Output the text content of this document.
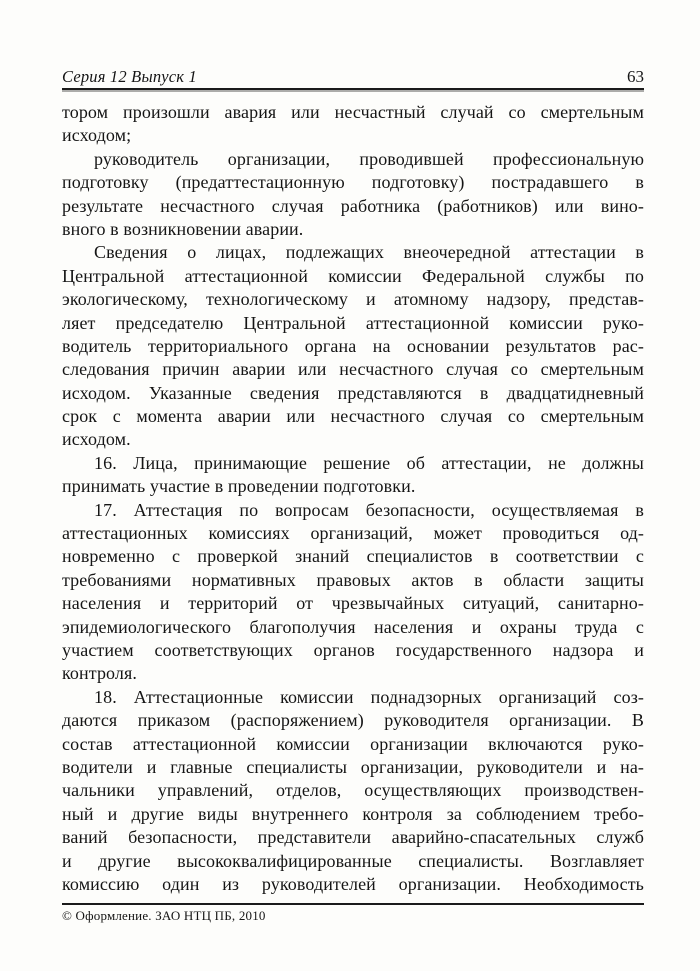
Серия 12 Выпуск 1	63
тором произошли авария или несчастный случай со смертельным
исходом;
руководитель организации, проводившей профессиональную
подготовку (предаттестационную подготовку) пострадавшего в
результате несчастного случая работника (работников) или вино-
вного в возникновении аварии.
Сведения о лицах, подлежащих внеочередной аттестации в
Центральной аттестационной комиссии Федеральной службы по
экологическому, технологическому и атомному надзору, представ-
ляет председателю Центральной аттестационной комиссии руко-
водитель территориального органа на основании результатов рас-
следования причин аварии или несчастного случая со смертельным
исходом. Указанные сведения представляются в двадцатидневный
срок с момента аварии или несчастного случая со смертельным
исходом.
16. Лица, принимающие решение об аттестации, не должны
принимать участие в проведении подготовки.
17. Аттестация по вопросам безопасности, осуществляемая в
аттестационных комиссиях организаций, может проводиться од-
новременно с проверкой знаний специалистов в соответствии с
требованиями нормативных правовых актов в области защиты
населения и территорий от чрезвычайных ситуаций, санитарно-
эпидемиологического благополучия населения и охраны труда с
участием соответствующих органов государственного надзора и
контроля.
18. Аттестационные комиссии поднадзорных организаций соз-
даются приказом (распоряжением) руководителя организации. В
состав аттестационной комиссии организации включаются руко-
водители и главные специалисты организации, руководители и на-
чальники управлений, отделов, осуществляющих производствен-
ный и другие виды внутреннего контроля за соблюдением требо-
ваний безопасности, представители аварийно-спасательных служб
и другие высококвалифицированные специалисты. Возглавляет
комиссию один из руководителей организации. Необходимость
© Оформление. ЗАО НТЦ ПБ, 2010
